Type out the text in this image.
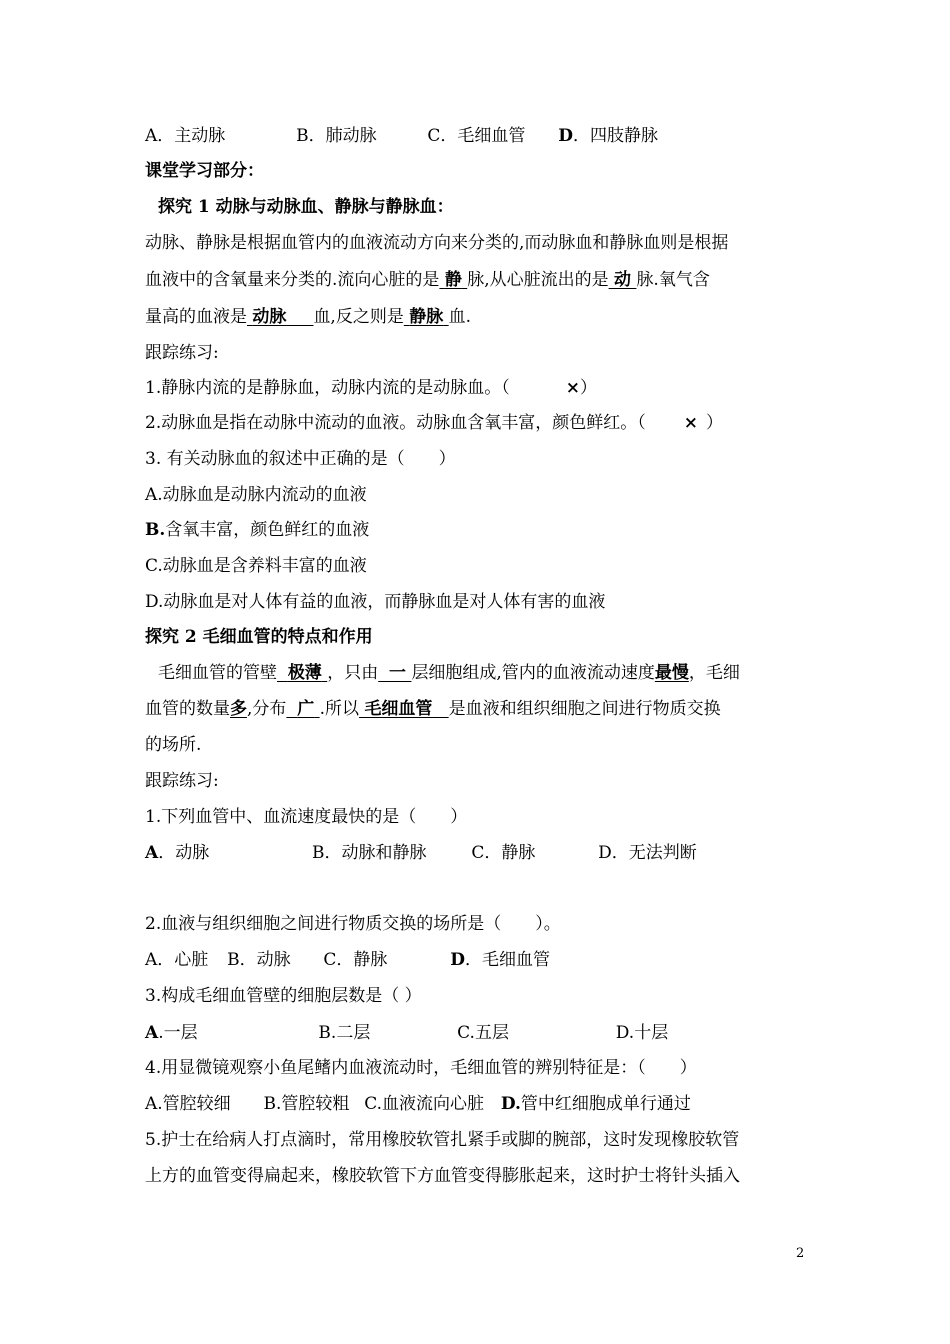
A．主动脉	B．肺动脉	C．毛细血管 D．四肢静脉
课堂学习部分：
探究 1 动脉与动脉血、静脉与静脉血：
动脉、静脉是根据血管内的血液流动方向来分类的,而动脉血和静脉血则是根据
血液中的含氧量来分类的.流向心脏的是 静 脉,从心脏流出的是 动 脉.氧气含
量高的血液是 动脉 血,反之则是 静脉 血.
跟踪练习:
1.静脉内流的是静脉血，动脉内流的是动脉血。（	×）
2.动脉血是指在动脉中流动的血液。动脉血含氧丰富，颜色鲜红。（ × ）
3. 有关动脉血的叙述中正确的是（　　）
A.动脉血是动脉内流动的血液
B.含氧丰富，颜色鲜红的血液
C.动脉血是含养料丰富的血液
D.动脉血是对人体有益的血液，而静脉血是对人体有害的血液
探究 2 毛细血管的特点和作用
毛细血管的管壁 极薄 ，只由 一 层细胞组成,管内的血液流动速度最慢，毛细
血管的数量多,分布 广 .所以 毛细血管 是血液和组织细胞之间进行物质交换
的场所.
跟踪练习:
1.下列血管中、血流速度最快的是（　　）
A．动脉	B．动脉和静脉	C．静脉	D．无法判断
2.血液与组织细胞之间进行物质交换的场所是（　　）。
A．心脏 B．动脉 C．静脉	D．毛细血管
3.构成毛细血管壁的细胞层数是（ ）
A.一层	B.二层	C.五层	D.十层
4.用显微镜观察小鱼尾鳍内血液流动时，毛细血管的辨别特征是：（　　）
A.管腔较细 B.管腔较粗 C.血液流向心脏 D.管中红细胞成单行通过
5.护士在给病人打点滴时，常用橡胶软管扎紧手或脚的腕部，这时发现橡胶软管
上方的血管变得扁起来，橡胶软管下方血管变得膨胀起来，这时护士将针头插入
2
